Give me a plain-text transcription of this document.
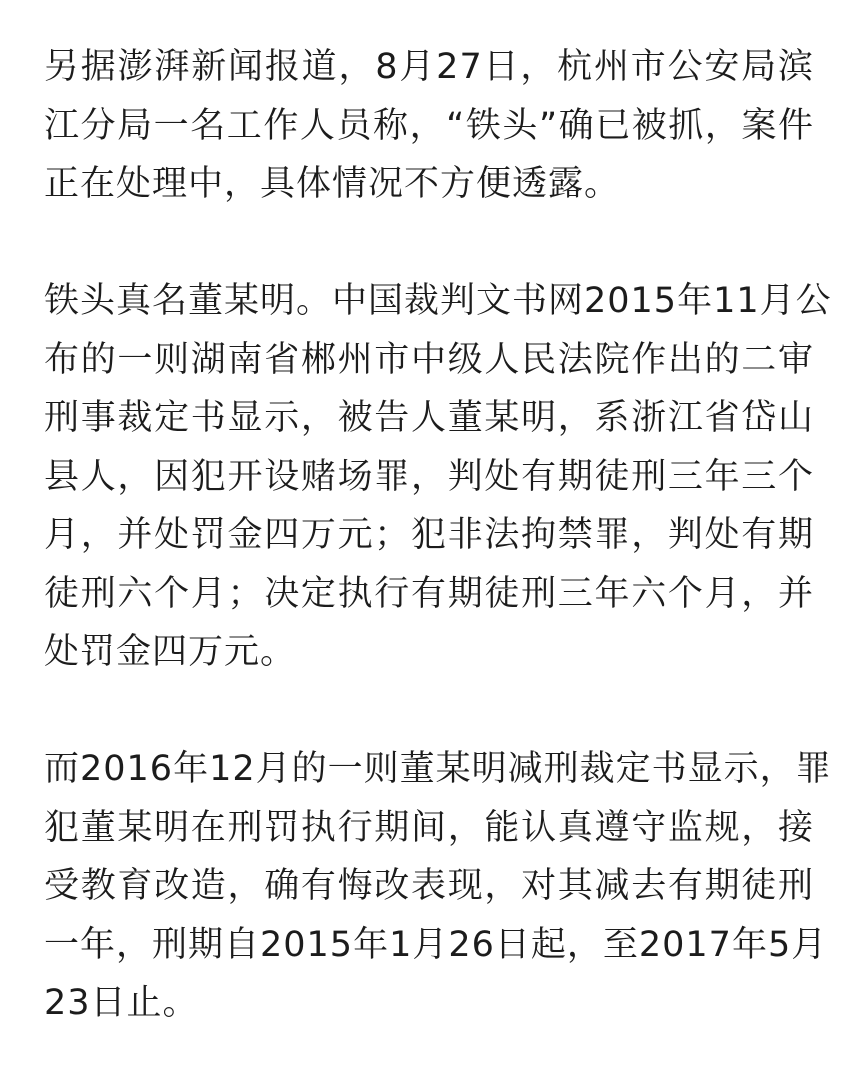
另据澎湃新闻报道，8月27日，杭州市公安局滨
江分局一名工作人员称，“铁头”确已被抓，案件
正在处理中，具体情况不方便透露。
铁头真名董某明。中国裁判文书网2015年11月公
布的一则湖南省郴州市中级人民法院作出的二审
刑事裁定书显示，被告人董某明，系浙江省岱山
县人，因犯开设赌场罪，判处有期徒刑三年三个
月，并处罚金四万元；犯非法拘禁罪，判处有期
徒刑六个月；决定执行有期徒刑三年六个月，并
处罚金四万元。
而2016年12月的一则董某明减刑裁定书显示，罪
犯董某明在刑罚执行期间，能认真遵守监规，接
受教育改造，确有悔改表现，对其减去有期徒刑
一年，刑期自2015年1月26日起，至2017年5月
23日止。
